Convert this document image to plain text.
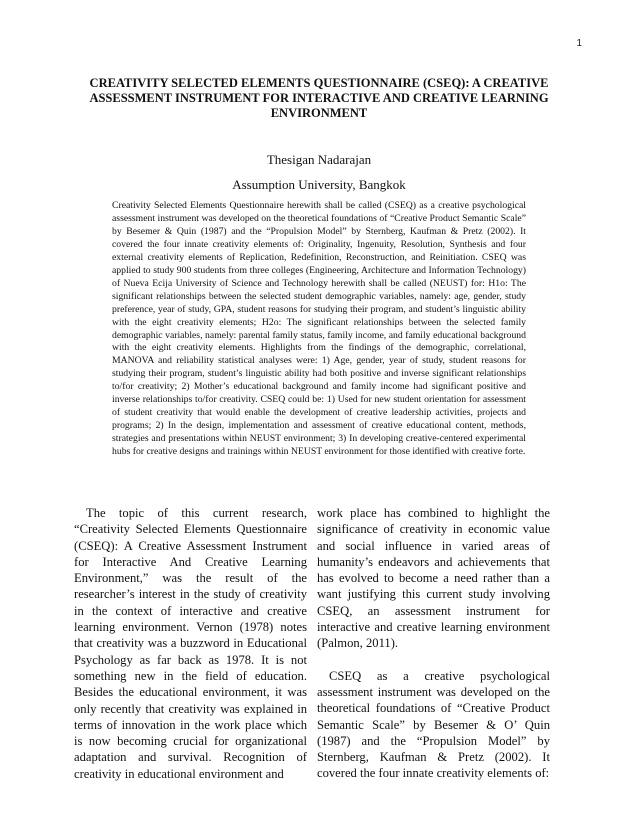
1
CREATIVITY SELECTED ELEMENTS QUESTIONNAIRE (CSEQ): A CREATIVE ASSESSMENT INSTRUMENT FOR INTERACTIVE AND CREATIVE LEARNING ENVIRONMENT
Thesigan Nadarajan
Assumption University, Bangkok

Creativity Selected Elements Questionnaire herewith shall be called (CSEQ) as a creative psychological assessment instrument was developed on the theoretical foundations of “Creative Product Semantic Scale” by Besemer & Quin (1987) and the “Propulsion Model” by Sternberg, Kaufman & Pretz (2002). It covered the four innate creativity elements of: Originality, Ingenuity, Resolution, Synthesis and four external creativity elements of Replication, Redefinition, Reconstruction, and Reinitiation. CSEQ was applied to study 900 students from three colleges (Engineering, Architecture and Information Technology) of Nueva Ecija University of Science and Technology herewith shall be called (NEUST) for: H1o: The significant relationships between the selected student demographic variables, namely: age, gender, study preference, year of study, GPA, student reasons for studying their program, and student’s linguistic ability with the eight creativity elements; H2o: The significant relationships between the selected family demographic variables, namely: parental family status, family income, and family educational background with the eight creativity elements. Highlights from the findings of the demographic, correlational, MANOVA and reliability statistical analyses were: 1) Age, gender, year of study, student reasons for studying their program, student’s linguistic ability had both positive and inverse significant relationships to/for creativity; 2) Mother’s educational background and family income had significant positive and inverse relationships to/for creativity. CSEQ could be: 1) Used for new student orientation for assessment of student creativity that would enable the development of creative leadership activities, projects and programs; 2) In the design, implementation and assessment of creative educational content, methods, strategies and presentations within NEUST environment; 3) In developing creative-centered experimental hubs for creative designs and trainings within NEUST environment for those identified with creative forte.

The topic of this current research, “Creativity Selected Elements Questionnaire (CSEQ): A Creative Assessment Instrument for Interactive And Creative Learning Environment,” was the result of the researcher’s interest in the study of creativity in the context of interactive and creative learning environment. Vernon (1978) notes that creativity was a buzzword in Educational Psychology as far back as 1978. It is not something new in the field of education. Besides the educational environment, it was only recently that creativity was explained in terms of innovation in the work place which is now becoming crucial for organizational adaptation and survival. Recognition of creativity in educational environment and

work place has combined to highlight the significance of creativity in economic value and social influence in varied areas of humanity’s endeavors and achievements that has evolved to become a need rather than a want justifying this current study involving CSEQ, an assessment instrument for interactive and creative learning environment (Palmon, 2011).

CSEQ as a creative psychological assessment instrument was developed on the theoretical foundations of “Creative Product Semantic Scale” by Besemer & O’ Quin (1987) and the “Propulsion Model” by Sternberg, Kaufman & Pretz (2002). It covered the four innate creativity elements of:
